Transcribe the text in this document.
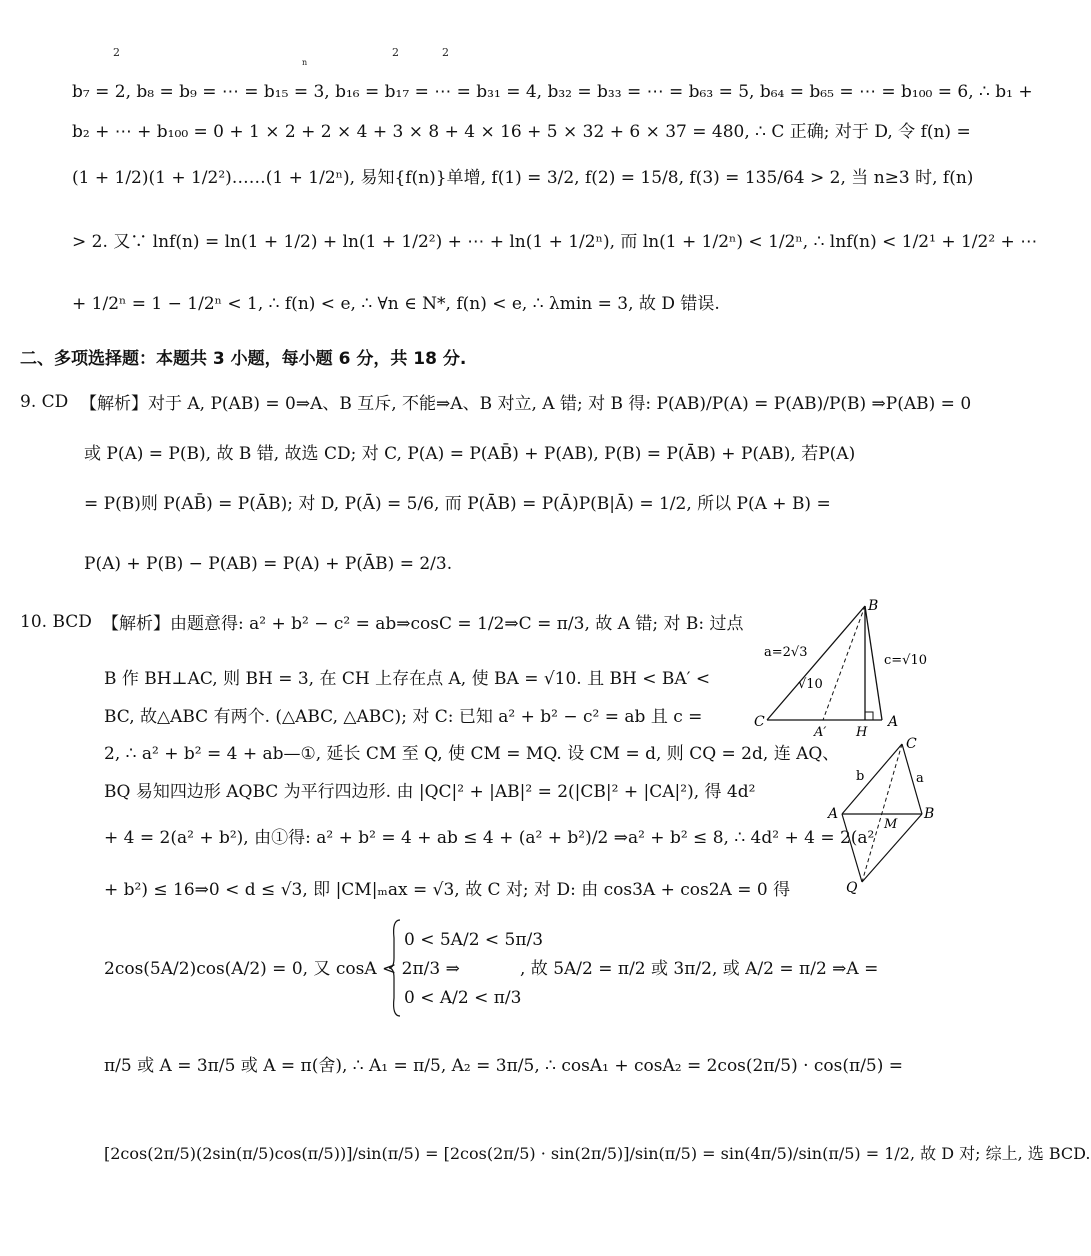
2
n
2	2
b₇ = 2, b₈ = b₉ = ⋯ = b₁₅ = 3, b₁₆ = b₁₇ = ⋯ = b₃₁ = 4, b₃₂ = b₃₃ = ⋯ = b₆₃ = 5, b₆₄ = b₆₅ = ⋯ = b₁₀₀ = 6, ∴ b₁ +
b₂ + ⋯ + b₁₀₀ = 0 + 1 × 2 + 2 × 4 + 3 × 8 + 4 × 16 + 5 × 32 + 6 × 37 = 480, ∴ C 正确; 对于 D, 令 f(n) =
(1 + 1/2)(1 + 1/2²)……(1 + 1/2ⁿ), 易知{f(n)}单增, f(1) = 3/2, f(2) = 15/8, f(3) = 135/64 > 2, 当 n≥3 时, f(n)
> 2. 又∵ lnf(n) = ln(1 + 1/2) + ln(1 + 1/2²) + ⋯ + ln(1 + 1/2ⁿ), 而 ln(1 + 1/2ⁿ) < 1/2ⁿ, ∴ lnf(n) < 1/2¹ + 1/2² + ⋯
+ 1/2ⁿ = 1 − 1/2ⁿ < 1, ∴ f(n) < e, ∴ ∀n ∈ N*, f(n) < e, ∴ λmin = 3, 故 D 错误.
二、多项选择题：本题共 3 小题，每小题 6 分，共 18 分.
9. CD 【解析】对于 A, P(AB) = 0⇒A、B 互斥, 不能⇒A、B 对立, A 错; 对 B 得: P(AB)/P(A) = P(AB)/P(B) ⇒P(AB) = 0
或 P(A) = P(B), 故 B 错, 故选 CD; 对 C, P(A) = P(AB̄) + P(AB), P(B) = P(ĀB) + P(AB), 若P(A)
= P(B)则 P(AB̄) = P(ĀB); 对 D, P(Ā) = 5/6, 而 P(ĀB) = P(Ā)P(B|Ā) = 1/2, 所以 P(A + B) =
P(A) + P(B) − P(AB) = P(A) + P(ĀB) = 2/3.
10. BCD 【解析】由题意得: a² + b² − c² = ab⇒cosC = 1/2⇒C = π/3, 故 A 错; 对 B: 过点
B 作 BH⊥AC, 则 BH = 3, 在 CH 上存在点 A, 使 BA = √10. 且 BH < BA′ <
BC, 故△ABC 有两个. (△ABC, △ABC); 对 C: 已知 a² + b² − c² = ab 且 c =
2, ∴ a² + b² = 4 + ab—①, 延长 CM 至 Q, 使 CM = MQ. 设 CM = d, 则 CQ = 2d, 连 AQ、
BQ 易知四边形 AQBC 为平行四边形. 由 |QC|² + |AB|² = 2(|CB|² + |CA|²), 得 4d²
+ 4 = 2(a² + b²), 由①得: a² + b² = 4 + ab ≤ 4 + (a² + b²)/2 ⇒a² + b² ≤ 8, ∴ 4d² + 4 = 2(a²
+ b²) ≤ 16⇒0 < d ≤ √3, 即 |CM|ₘax = √3, 故 C 对; 对 D: 由 cos3A + cos2A = 0 得
2cos(5A/2)cos(A/2) = 0, 又 cosA < 2π/3 ⇒
0 < 5A/2 < 5π/3
0 < A/2 < π/3
, 故 5A/2 = π/2 或 3π/2, 或 A/2 = π/2 ⇒A =
π/5 或 A = 3π/5 或 A = π(舍), ∴ A₁ = π/5, A₂ = 3π/5, ∴ cosA₁ + cosA₂ = 2cos(2π/5) · cos(π/5) =
[2cos(2π/5)(2sin(π/5)cos(π/5))]/sin(π/5) = [2cos(2π/5) · sin(2π/5)]/sin(π/5) = sin(4π/5)/sin(π/5) = 1/2, 故 D 对; 综上, 选 BCD.
B
C	A
A′ H
a=2√3
c=√10
√10
C
A	B
M
Q
b	a
